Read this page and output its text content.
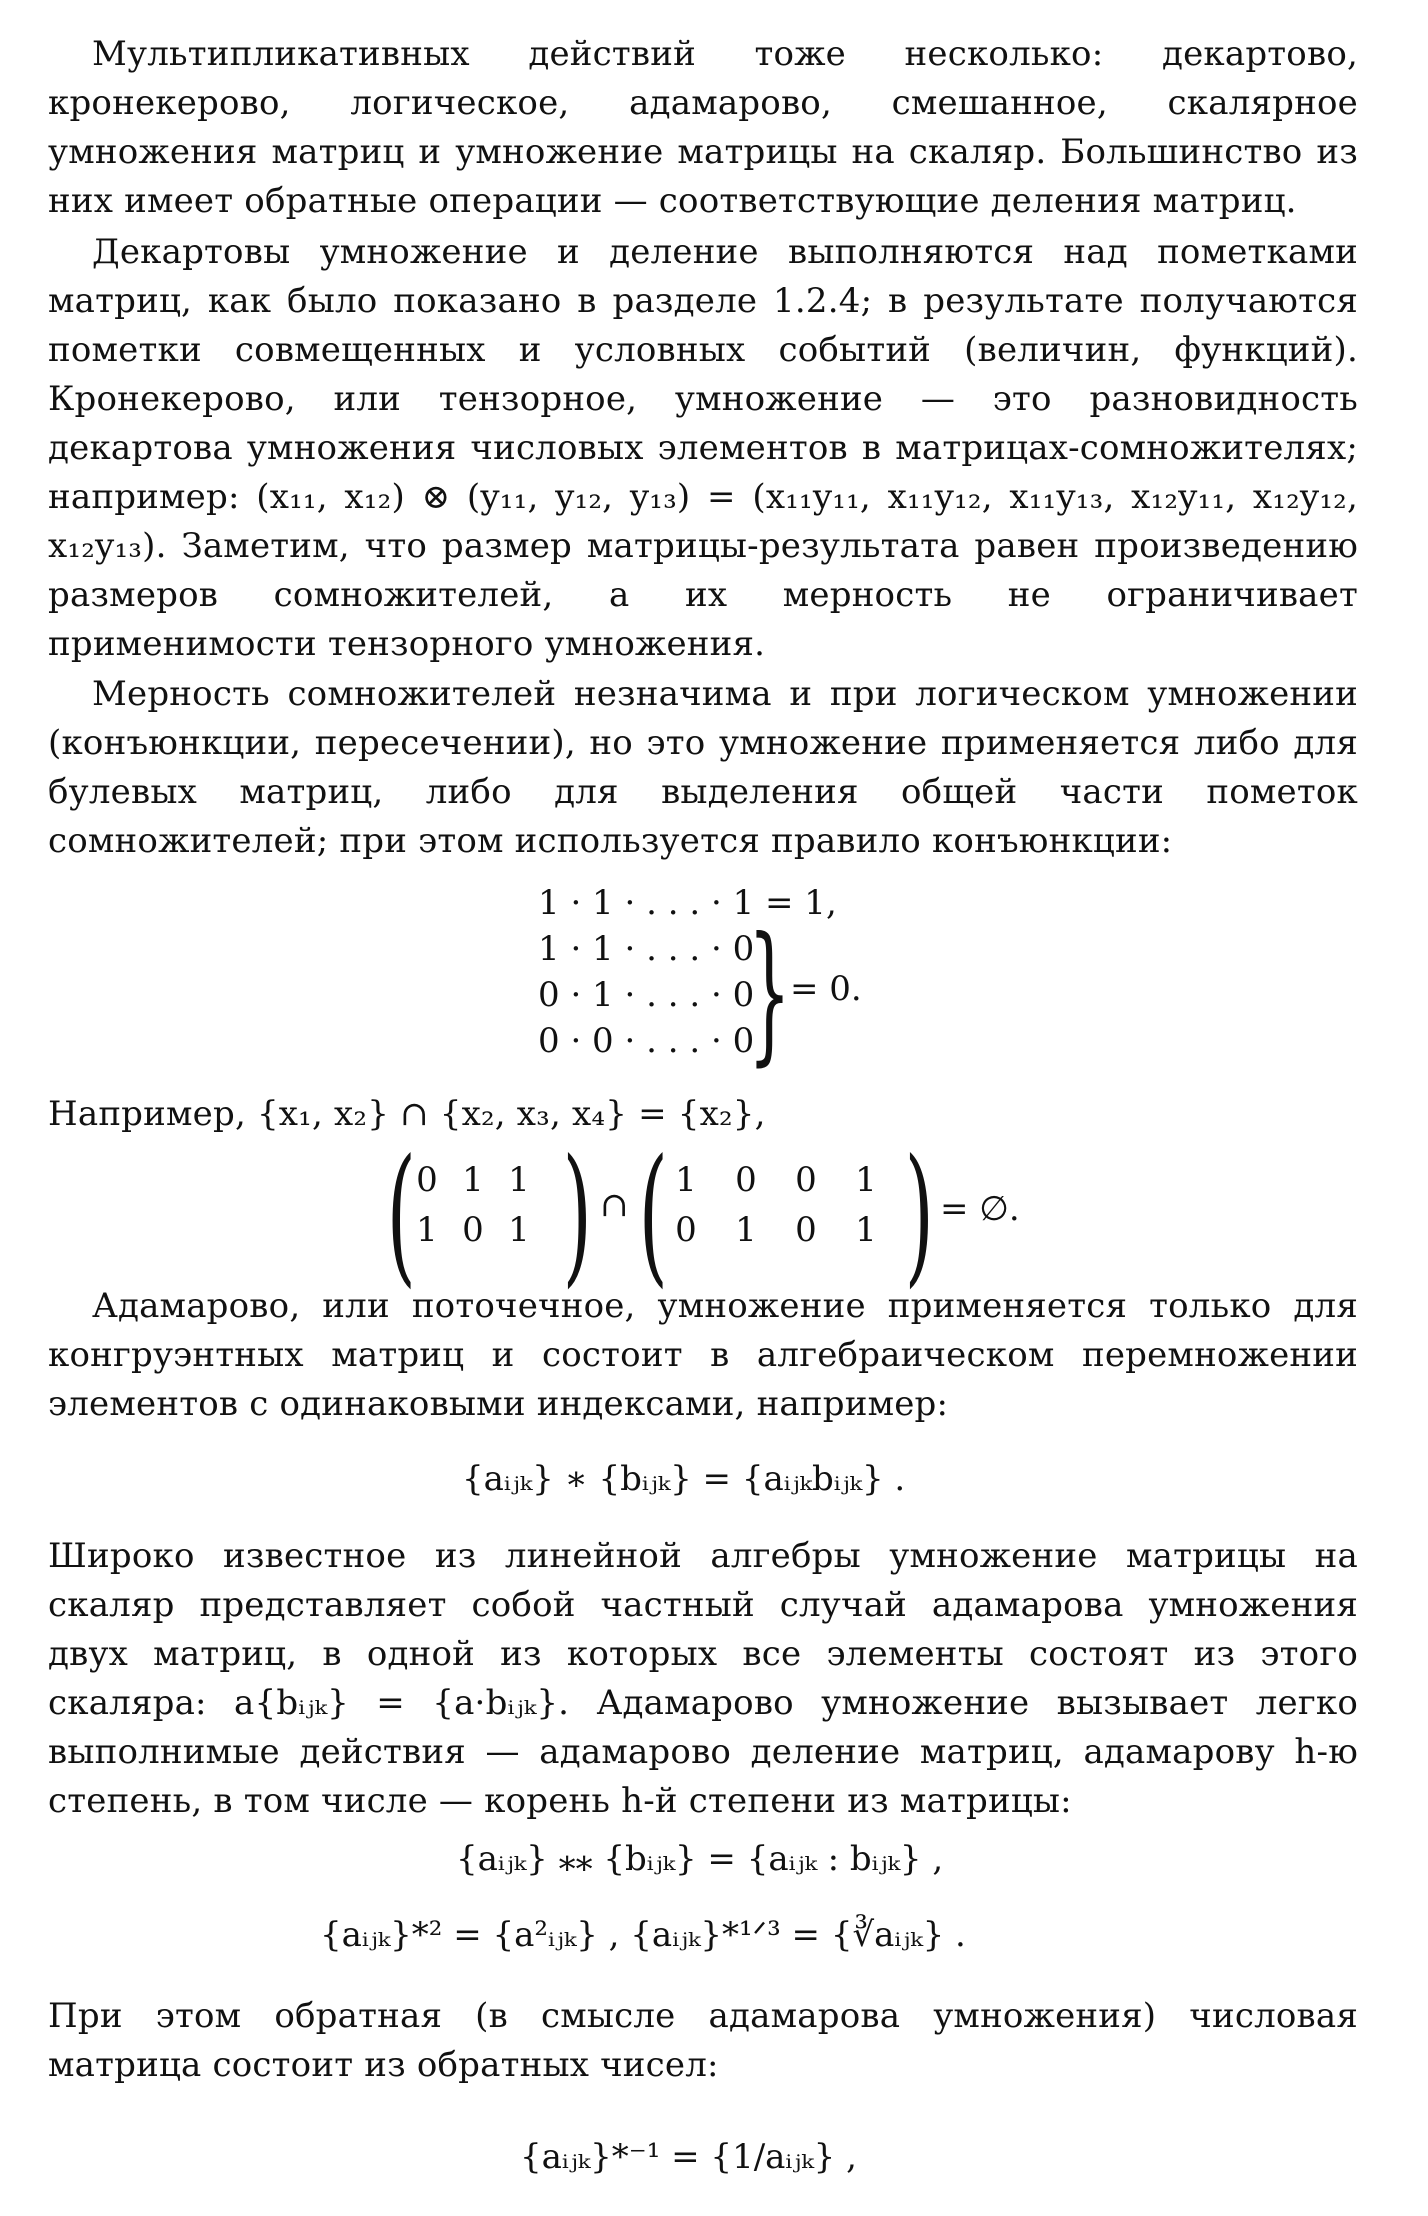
Мультипликативных действий тоже несколько: декартово, кронекерово, логическое, адамарово, смешанное, скалярное умножения матриц и умножение матрицы на скаляр. Большинство из них имеет обратные операции — соответствующие деления матриц.
Декартовы умножение и деление выполняются над пометками матриц, как было показано в разделе 1.2.4; в результате получаются пометки совмещенных и условных событий (величин, функций). Кронекерово, или тензорное, умножение — это разновидность декартова умножения числовых элементов в матрицах-сомножителях; например: (x₁₁, x₁₂) ⊗ (y₁₁, y₁₂, y₁₃) = (x₁₁y₁₁, x₁₁y₁₂, x₁₁y₁₃, x₁₂y₁₁, x₁₂y₁₂, x₁₂y₁₃). Заметим, что размер матрицы-результата равен произведению размеров сомножителей, а их мерность не ограничивает применимости тензорного умножения.
Мерность сомножителей незначима и при логическом умножении (конъюнкции, пересечении), но это умножение применяется либо для булевых матриц, либо для выделения общей части пометок сомножителей; при этом используется правило конъюнкции:
1 · 1 · . . . · 1 = 1,
1 · 1 · . . . · 0
0 · 1 · . . . · 0
0 · 0 · . . . · 0
} = 0.
Например, {x₁, x₂} ∩ {x₂, x₃, x₄} = {x₂},
( 0 1 1
1 0 1 ) ∩ ( 1	0	0	1
0	1	0	1 ) = ∅.
Адамарово, или поточечное, умножение применяется только для конгруэнтных матриц и состоит в алгебраическом перемножении элементов с одинаковыми индексами, например:
{aᵢⱼₖ} ∗ {bᵢⱼₖ} = {aᵢⱼₖbᵢⱼₖ} .
Широко известное из линейной алгебры умножение матрицы на скаляр представляет собой частный случай адамарова умножения двух матриц, в одной из которых все элементы состоят из этого скаляра: a{bᵢⱼₖ} = {a·bᵢⱼₖ}. Адамарово умножение вызывает легко выполнимые действия — адамарово деление матриц, адамарову h-ю степень, в том числе — корень h-й степени из матрицы:
{aᵢⱼₖ} ⁎⁎ {bᵢⱼₖ} = {aᵢⱼₖ : bᵢⱼₖ} ,
{aᵢⱼₖ}*² = {a²ᵢⱼₖ} , {aᵢⱼₖ}*¹ᐟ³ = {∛aᵢⱼₖ} .
При этом обратная (в смысле адамарова умножения) числовая матрица состоит из обратных чисел:
{aᵢⱼₖ}*⁻¹ = {1/aᵢⱼₖ} ,
